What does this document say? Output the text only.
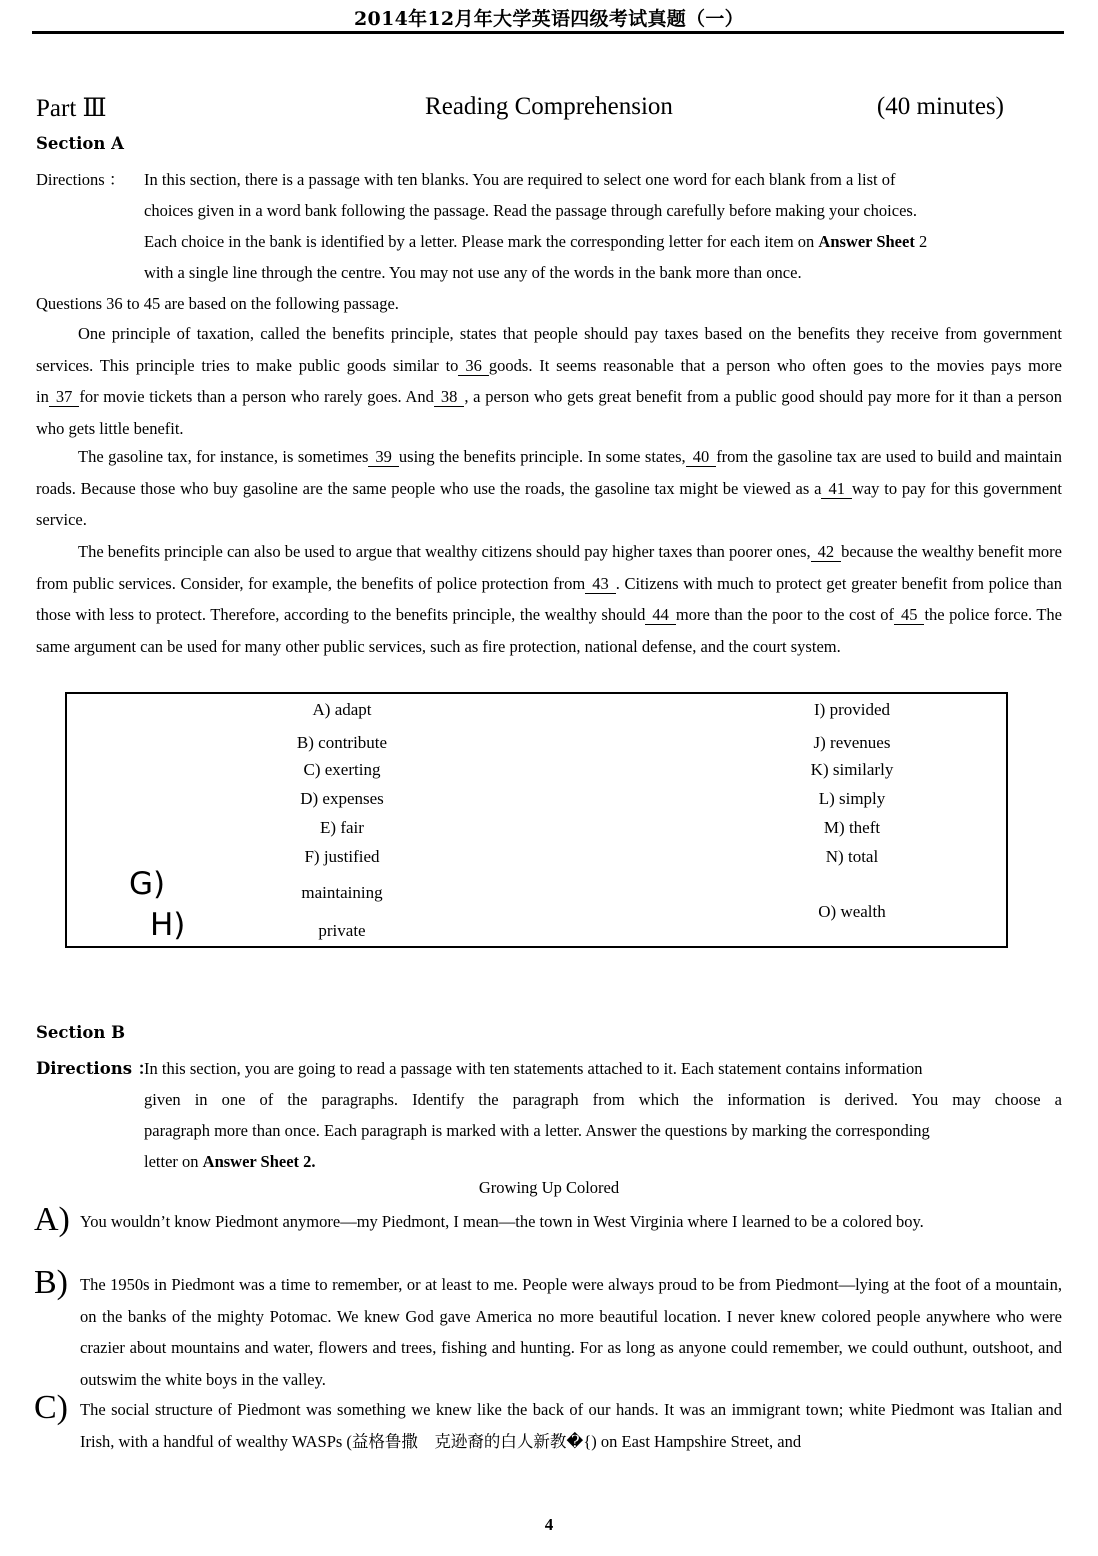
2014年12月年大学英语四级考试真题（一）
Part Ⅲ	Reading Comprehension	(40 minutes)
Section A
Directions ： In this section, there is a passage with ten blanks. You are required to select one word for each blank from a list of

choices given in a word bank following the passage. Read the passage through carefully before making your choices.

Each choice in the bank is identified by a letter. Please mark the corresponding letter for each item on Answer Sheet 2

with a single line through the centre. You may not use any of the words in the bank more than once.

Questions 36 to 45 are based on the following passage.

One principle of taxation, called the benefits principle, states that people should pay taxes based on the benefits they receive from government services. This principle tries to make public goods similar to 36 goods. It seems reasonable that a person who often goes to the movies pays more in 37 for movie tickets than a person who rarely goes. And 38 , a person who gets great benefit from a public good should pay more for it than a person who gets little benefit.

The gasoline tax, for instance, is sometimes 39 using the benefits principle. In some states, 40 from the gasoline tax are used to build and maintain roads. Because those who buy gasoline are the same people who use the roads, the gasoline tax might be viewed as a 41 way to pay for this government service.

The benefits principle can also be used to argue that wealthy citizens should pay higher taxes than poorer ones, 42 because the wealthy benefit more from public services. Consider, for example, the benefits of police protection from 43 . Citizens with much to protect get greater benefit from police than those with less to protect. Therefore, according to the benefits principle, the wealthy should 44 more than the poor to the cost of 45 the police force. The same argument can be used for many other public services, such as fire protection, national defense, and the court system.

G)
H)
A) adapt
B) contribute
C) exerting
D) expenses
E) fair
F) justified
maintaining
private
I) provided
J) revenues
K) similarly
L) simply
M) theft
N) total
O) wealth
Section B
Directions ：

In this section, you are going to read a passage with ten statements attached to it. Each statement contains information

given in one of the paragraphs. Identify the paragraph from which the information is derived. You may choose a

paragraph more than once. Each paragraph is marked with a letter. Answer the questions by marking the corresponding

letter on Answer Sheet 2.

Growing Up Colored
A) You wouldn’t know Piedmont anymore—my Piedmont, I mean—the town in West Virginia where I learned to be a colored boy.

B) The 1950s in Piedmont was a time to remember, or at least to me. People were always proud to be from Piedmont—lying at the foot of a mountain, on the banks of the mighty Potomac. We knew God gave America no more beautiful location. I never knew colored people anywhere who were crazier about mountains and water, flowers and trees, fishing and hunting. For as long as anyone could remember, we could outhunt, outshoot, and outswim the white boys in the valley.

C) The social structure of Piedmont was something we knew like the back of our hands. It was an immigrant town; white Piedmont was Italian and Irish, with a handful of wealthy WASPs (益格鲁撒　克逊裔的白人新教�{) on East Hampshire Street, and

4
